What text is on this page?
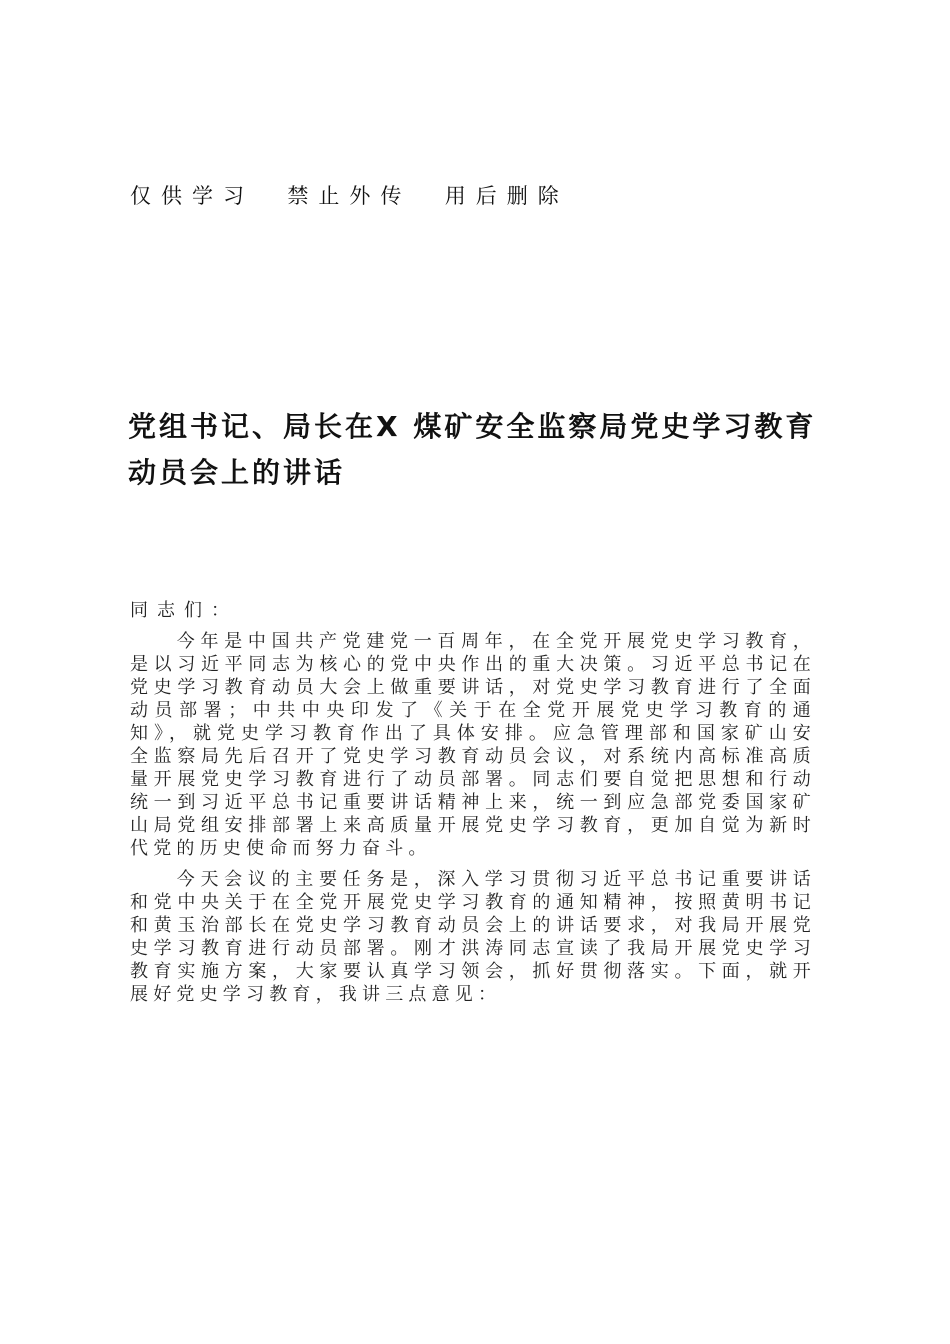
仅供学习  禁止外传  用后删除
党组书记、局长在X 煤矿安全监察局党史学习教育动员会上的讲话
同志们：

今年是中国共产党建党一百周年，在全党开展党史学习教育，是以习近平同志为核心的党中央作出的重大决策。习近平总书记在党史学习教育动员大会上做重要讲话，对党史学习教育进行了全面动员部署；中共中央印发了《关于在全党开展党史学习教育的通知》，就党史学习教育作出了具体安排。应急管理部和国家矿山安全监察局先后召开了党史学习教育动员会议，对系统内高标准高质量开展党史学习教育进行了动员部署。同志们要自觉把思想和行动统一到习近平总书记重要讲话精神上来，统一到应急部党委国家矿山局党组安排部署上来高质量开展党史学习教育，更加自觉为新时代党的历史使命而努力奋斗。

今天会议的主要任务是，深入学习贯彻习近平总书记重要讲话和党中央关于在全党开展党史学习教育的通知精神，按照黄明书记和黄玉治部长在党史学习教育动员会上的讲话要求，对我局开展党史学习教育进行动员部署。刚才洪涛同志宣读了我局开展党史学习教育实施方案，大家要认真学习领会，抓好贯彻落实。下面，就开展好党史学习教育，我讲三点意见：
